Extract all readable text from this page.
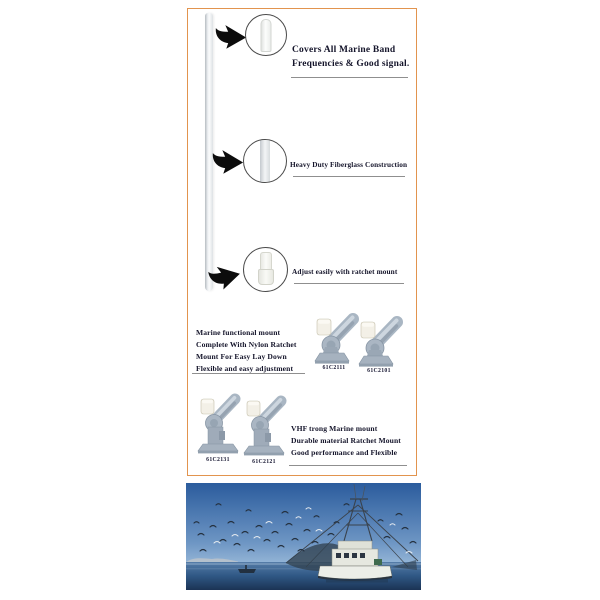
Covers All Marine Band
Frequencies & Good signal.
Heavy Duty Fiberglass Construction
Adjust easily with ratchet mount
Marine functional mount
Complete With Nylon Ratchet
Mount For Easy Lay Down
Flexible and easy adjustment	61C2111	61C2101
61C2131	61C2121
VHF trong Marine mount
Durable material Ratchet Mount
Good performance and Flexible
